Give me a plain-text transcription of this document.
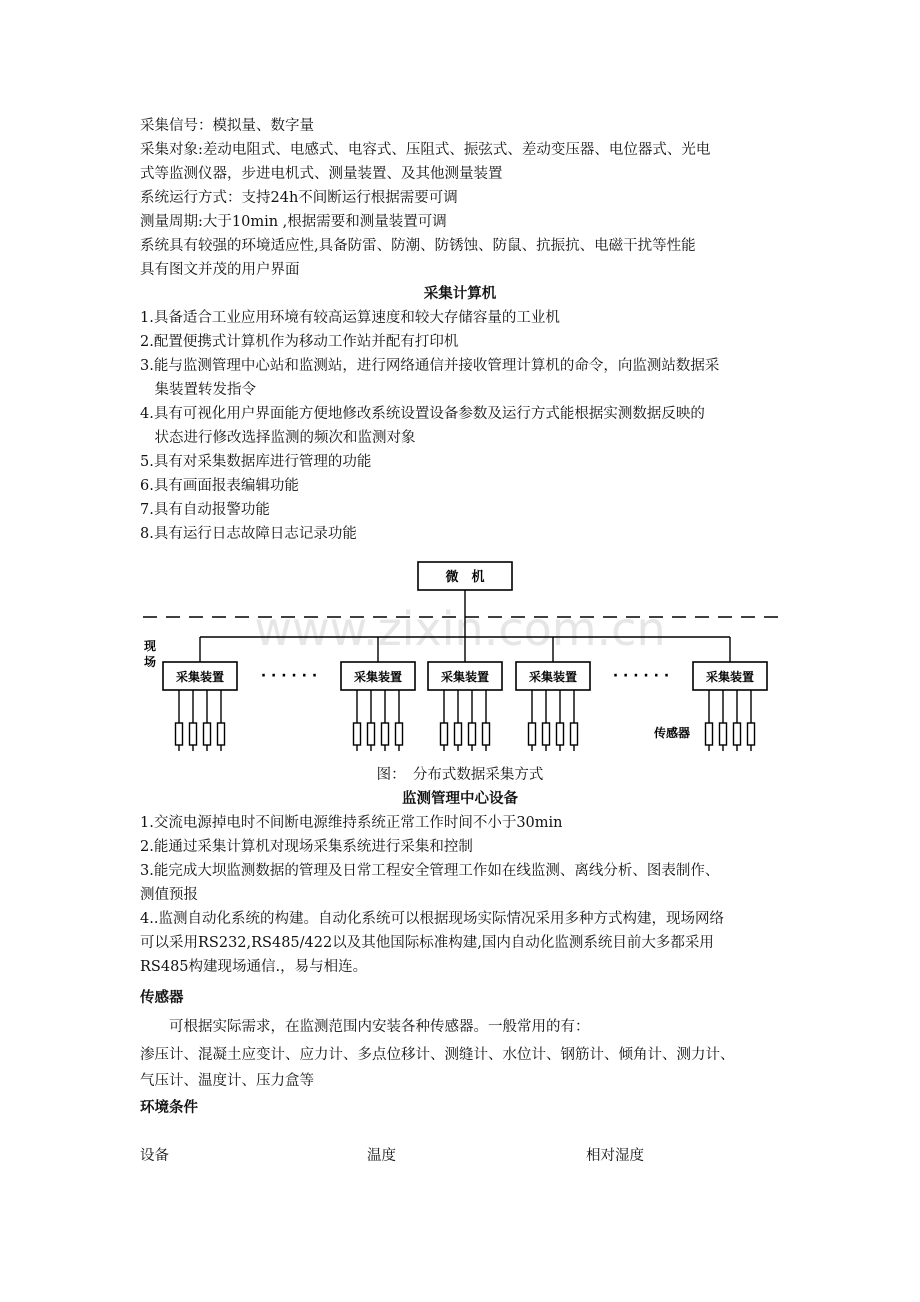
采集信号：模拟量、数字量
采集对象:差动电阻式、电感式、电容式、压阻式、振弦式、差动变压器、电位器式、光电
式等监测仪器，步进电机式、测量装置、及其他测量装置
系统运行方式：支持24h不间断运行根据需要可调
测量周期:大于10min ,根据需要和测量装置可调
系统具有较强的环境适应性,具备防雷、防潮、防锈蚀、防鼠、抗振抗、电磁干扰等性能
具有图文并茂的用户界面
采集计算机
1.具备适合工业应用环境有较高运算速度和较大存储容量的工业机
2.配置便携式计算机作为移动工作站并配有打印机
3.能与监测管理中心站和监测站，进行网络通信并接收管理计算机的命令，向监测站数据采
　集装置转发指令
4.具有可视化用户界面能方便地修改系统设置设备参数及运行方式能根据实测数据反映的
　状态进行修改选择监测的频次和监测对象
5.具有对采集数据库进行管理的功能
6.具有画面报表编辑功能
7.具有自动报警功能
8.具有运行日志故障日志记录功能
www.zixin.com.cn
微　机
现
场
采集装置	采集装置	采集装置	采集装置	采集装置
· · · · · ·	· · · · · ·
传感器
图：　分布式数据采集方式
监测管理中心设备
1.交流电源掉电时不间断电源维持系统正常工作时间不小于30min
2.能通过采集计算机对现场采集系统进行采集和控制
3.能完成大坝监测数据的管理及日常工程安全管理工作如在线监测、离线分析、图表制作、
测值预报
4..监测自动化系统的构建。自动化系统可以根据现场实际情况采用多种方式构建，现场网络
可以采用RS232,RS485/422以及其他国际标准构建,国内自动化监测系统目前大多都采用
RS485构建现场通信.，易与相连。
传感器
　　可根据实际需求，在监测范围内安装各种传感器。一般常用的有：
渗压计、混凝土应变计、应力计、多点位移计、测缝计、水位计、钢筋计、倾角计、测力计、
气压计、温度计、压力盒等
环境条件
设备	温度	相对湿度
